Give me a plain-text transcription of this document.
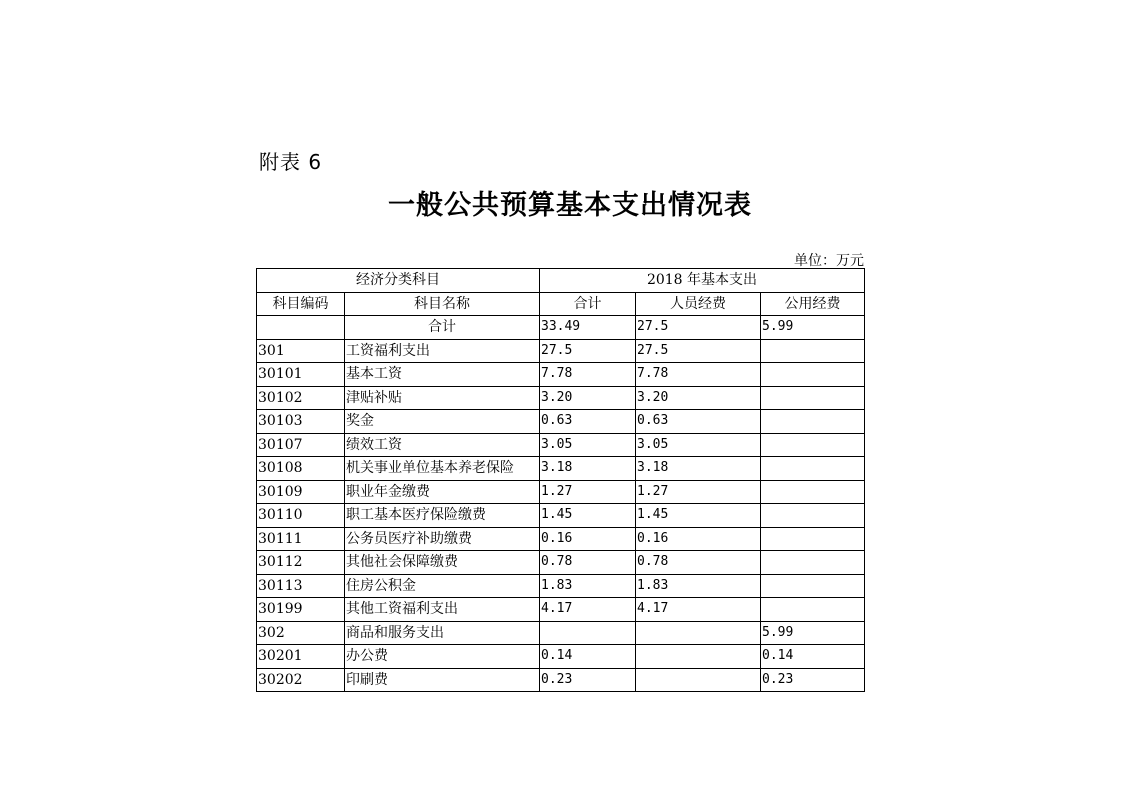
附表 6
一般公共预算基本支出情况表
单位：万元
经济分类科目		2018 年基本支出		
科目编码	科目名称	合计	人员经费	公用经费
	合计	33.49	27.5	5.99
301	工资福利支出	27.5	27.5	
30101	基本工资	7.78	7.78	
30102	津贴补贴	3.20	3.20	
30103	奖金	0.63	0.63	
30107	绩效工资	3.05	3.05	
30108	机关事业单位基本养老保险	3.18	3.18	
30109	职业年金缴费	1.27	1.27	
30110	职工基本医疗保险缴费	1.45	1.45	
30111	公务员医疗补助缴费	0.16	0.16	
30112	其他社会保障缴费	0.78	0.78	
30113	住房公积金	1.83	1.83	
30199	其他工资福利支出	4.17	4.17	
302	商品和服务支出			5.99
30201	办公费	0.14		0.14
30202	印刷费	0.23		0.23
